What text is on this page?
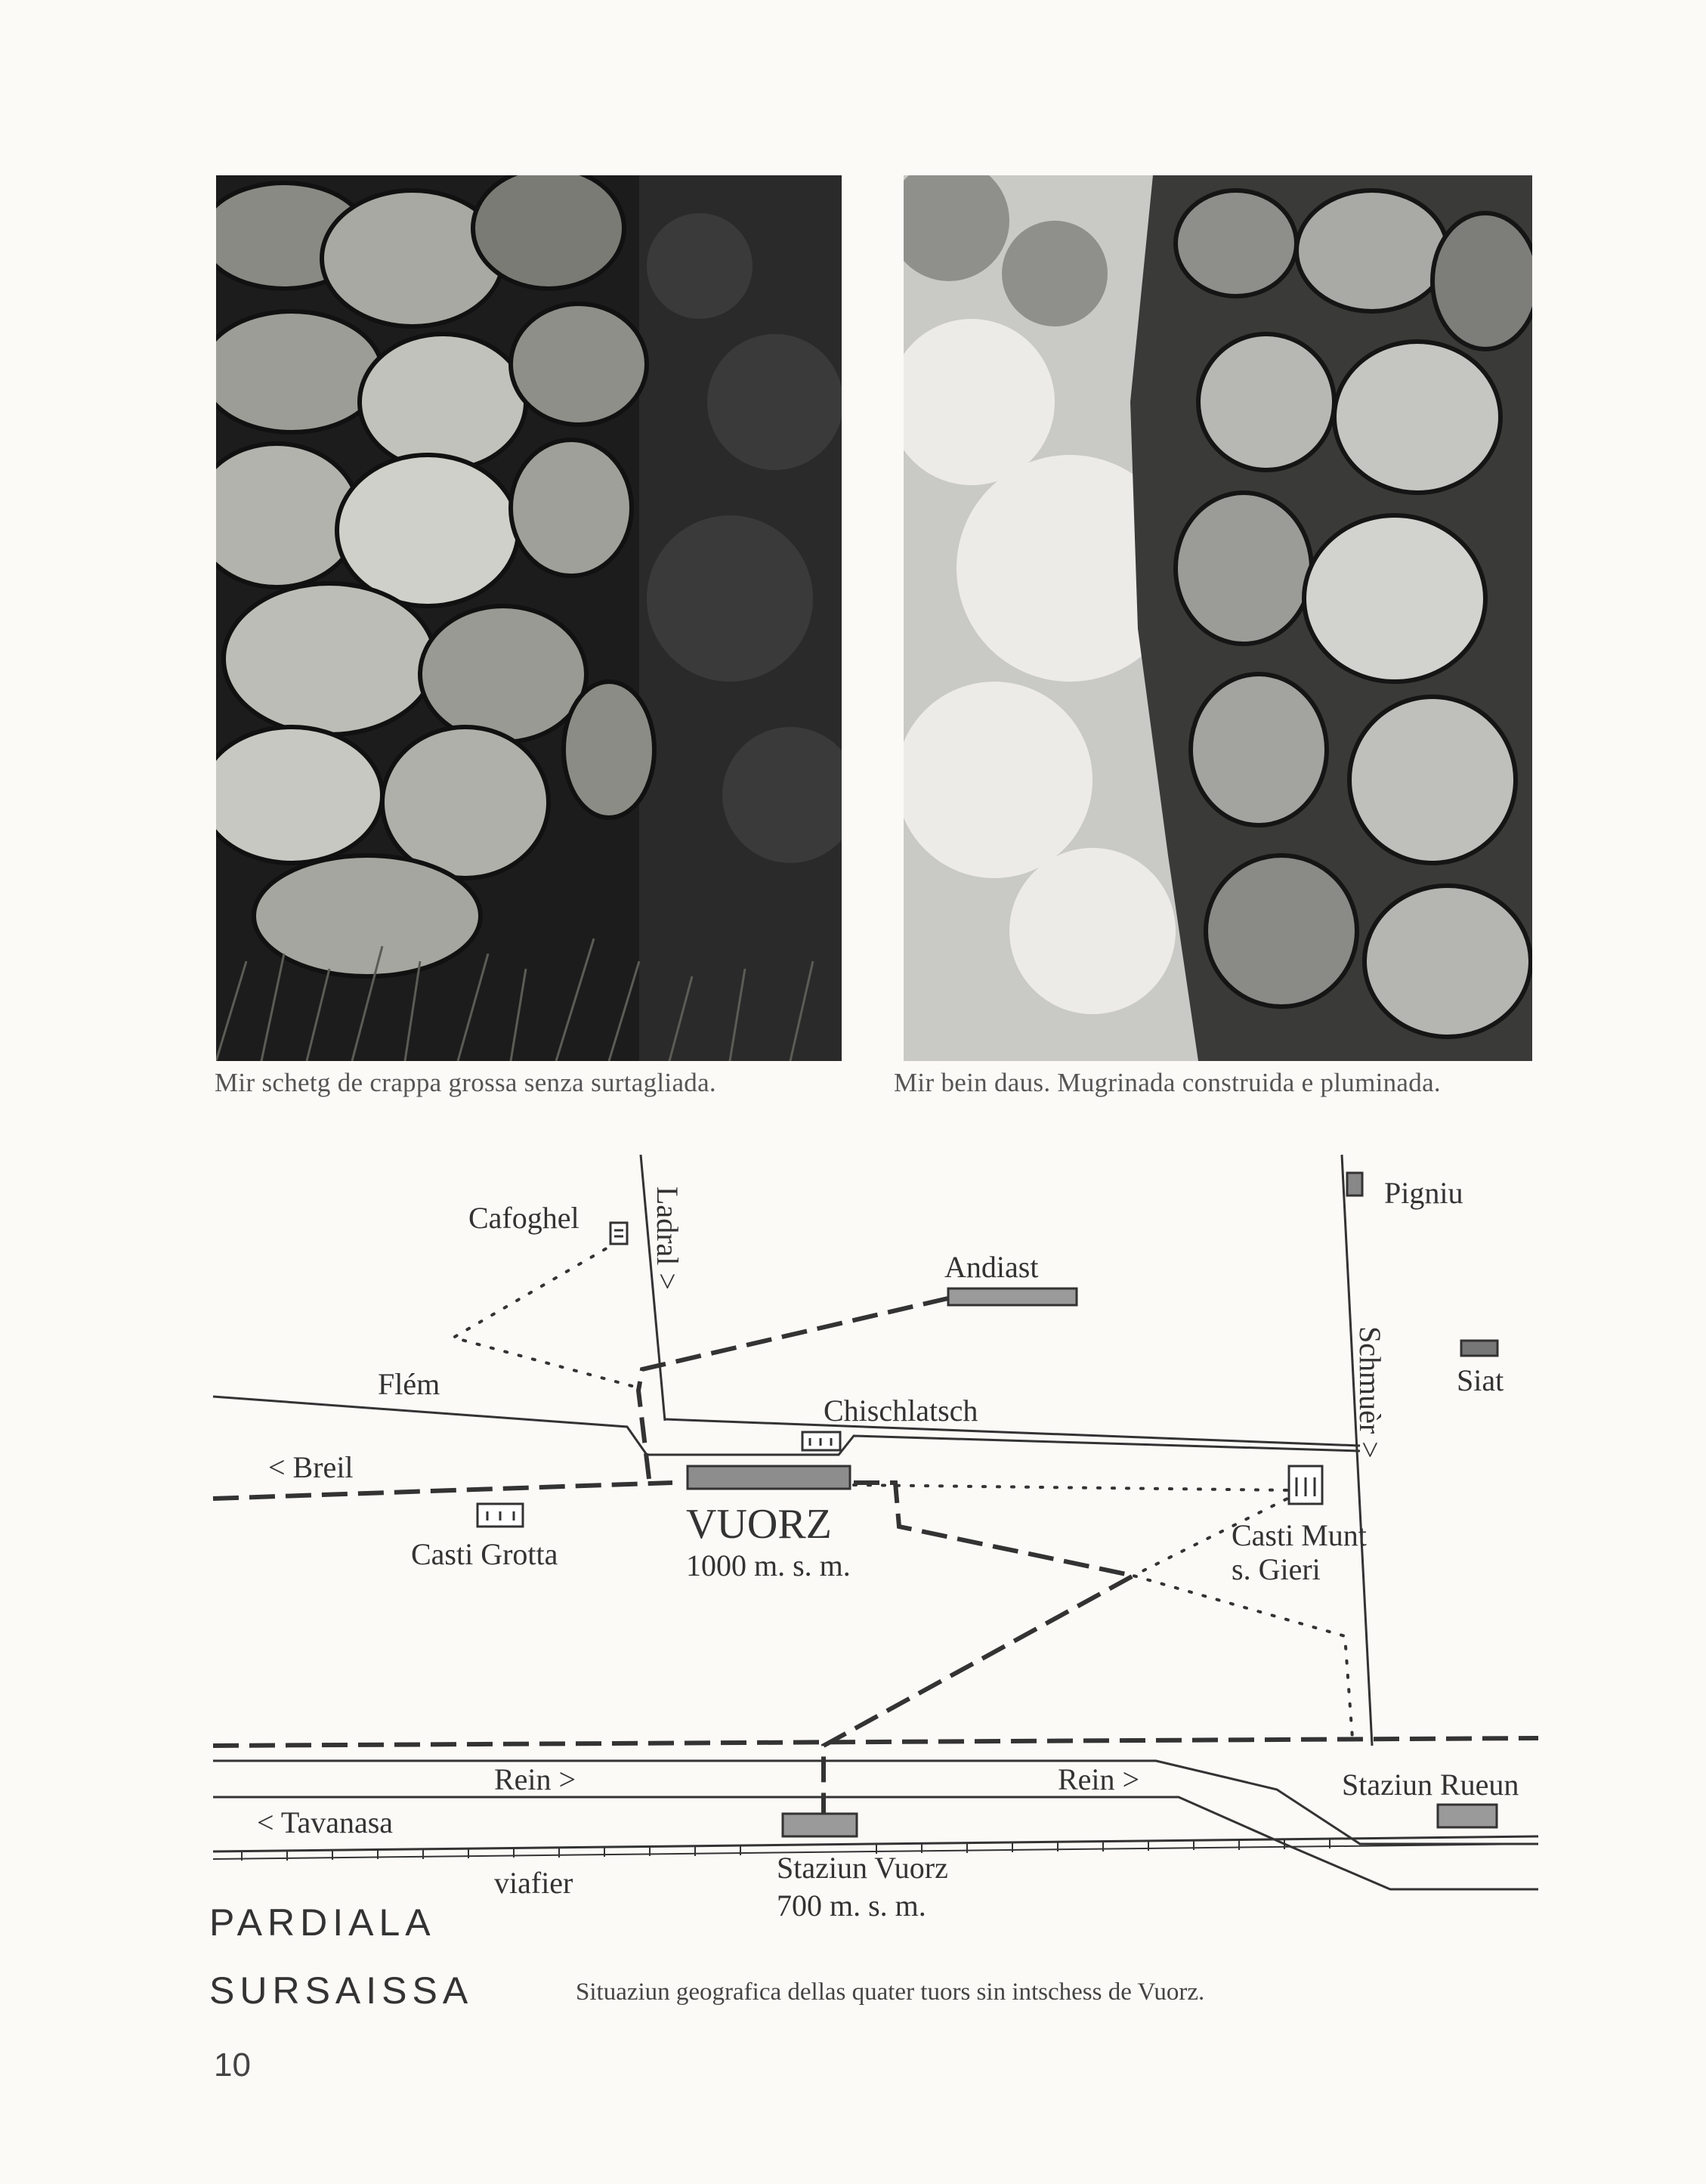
Mir schetg de crappa grossa senza surtagliada.	Mir bein daus. Mugrinada construida e pluminada.
Cafoghel Ladral >	Andiast
Pigniu
Schmuèr > Siat
Flém
Chischlatsch
< Breil
VUORZ
1000 m. s. m.
Casti Grotta
Casti Munt
s. Gieri
Rein >	Rein >	Staziun Rueun
< Tavanasa
viafier	Staziun Vuorz
700 m. s. m.
PARDIALA
SURSAISSA	Situaziun geografica dellas quater tuors sin intschess de Vuorz.
10
